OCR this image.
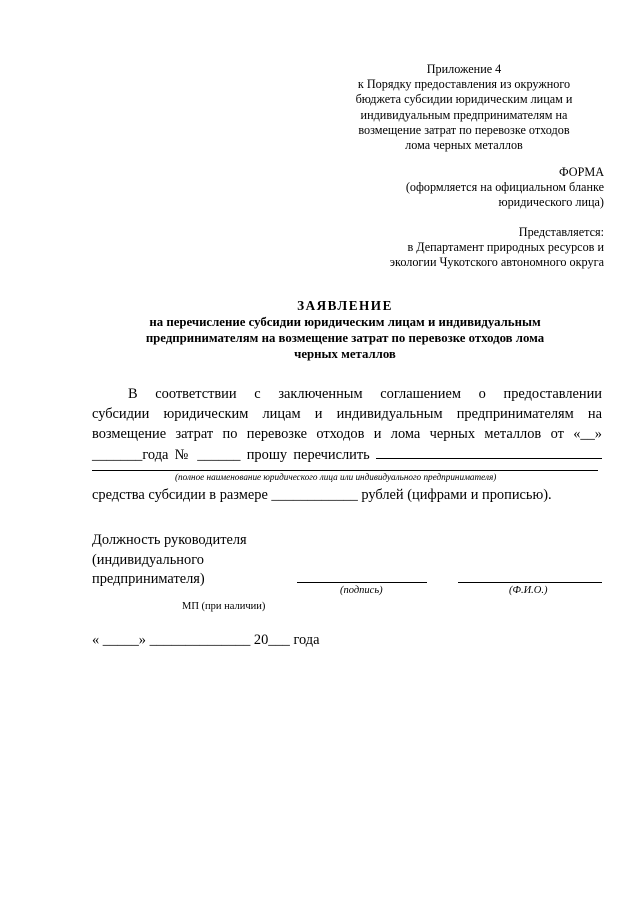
Приложение 4
к Порядку предоставления из окружного
бюджета субсидии юридическим лицам и
индивидуальным предпринимателям на
возмещение затрат по перевозке отходов
лома черных металлов
ФОРМА
(оформляется на официальном бланке
юридического лица)
Представляется:
в Департамент природных ресурсов и
экологии Чукотского автономного округа
ЗАЯВЛЕНИЕ
на перечисление субсидии юридическим лицам и индивидуальным
предпринимателям на возмещение затрат по перевозке отходов лома
черных металлов
В соответствии с заключенным соглашением о предоставлении
субсидии юридическим лицам и индивидуальным предпринимателям на
возмещение затрат по перевозке отходов и лома черных металлов от «__»
_______года № ______ прошу перечислить
(полное наименование юридического лица или индивидуального предпринимателя)
средства субсидии в размере ____________ рублей (цифрами и прописью).
Должность руководителя
(индивидуального
предпринимателя)
(подпись)	(Ф.И.О.)
МП (при наличии)
« _____» ______________ 20___ года
